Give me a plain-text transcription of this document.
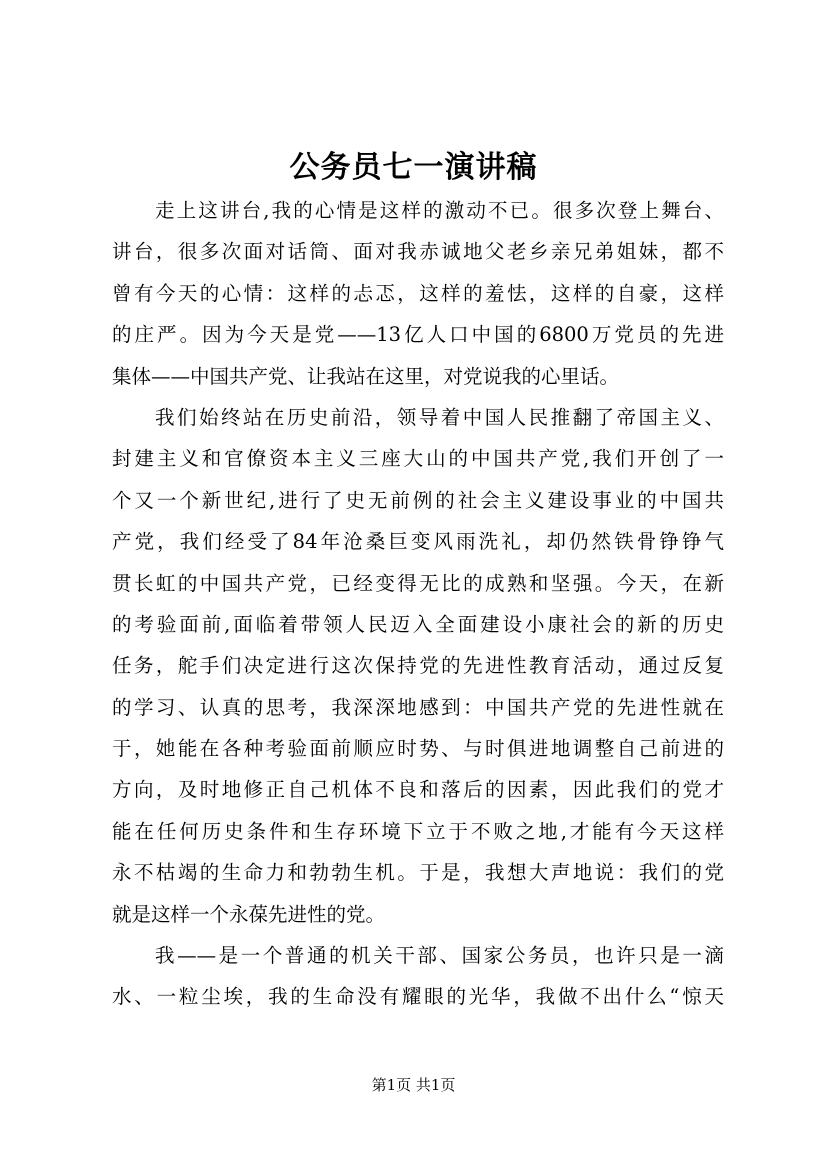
公务员七一演讲稿
走上这讲台,我的心情是这样的激动不已。很多次登上舞台、
讲台，很多次面对话筒、面对我赤诚地父老乡亲兄弟姐妹，都不
曾有今天的心情：这样的忐忑，这样的羞怯，这样的自豪，这样
的庄严。因为今天是党——13亿人口中国的6800万党员的先进
集体——中国共产党、让我站在这里，对党说我的心里话。
我们始终站在历史前沿，领导着中国人民推翻了帝国主义、
封建主义和官僚资本主义三座大山的中国共产党,我们开创了一
个又一个新世纪,进行了史无前例的社会主义建设事业的中国共
产党，我们经受了84年沧桑巨变风雨洗礼，却仍然铁骨铮铮气
贯长虹的中国共产党，已经变得无比的成熟和坚强。今天，在新
的考验面前,面临着带领人民迈入全面建设小康社会的新的历史
任务，舵手们决定进行这次保持党的先进性教育活动，通过反复
的学习、认真的思考，我深深地感到：中国共产党的先进性就在
于，她能在各种考验面前顺应时势、与时俱进地调整自己前进的
方向，及时地修正自己机体不良和落后的因素，因此我们的党才
能在任何历史条件和生存环境下立于不败之地,才能有今天这样
永不枯竭的生命力和勃勃生机。于是，我想大声地说：我们的党
就是这样一个永葆先进性的党。
我——是一个普通的机关干部、国家公务员，也许只是一滴
水、一粒尘埃，我的生命没有耀眼的光华，我做不出什么“惊天
第1页 共1页
